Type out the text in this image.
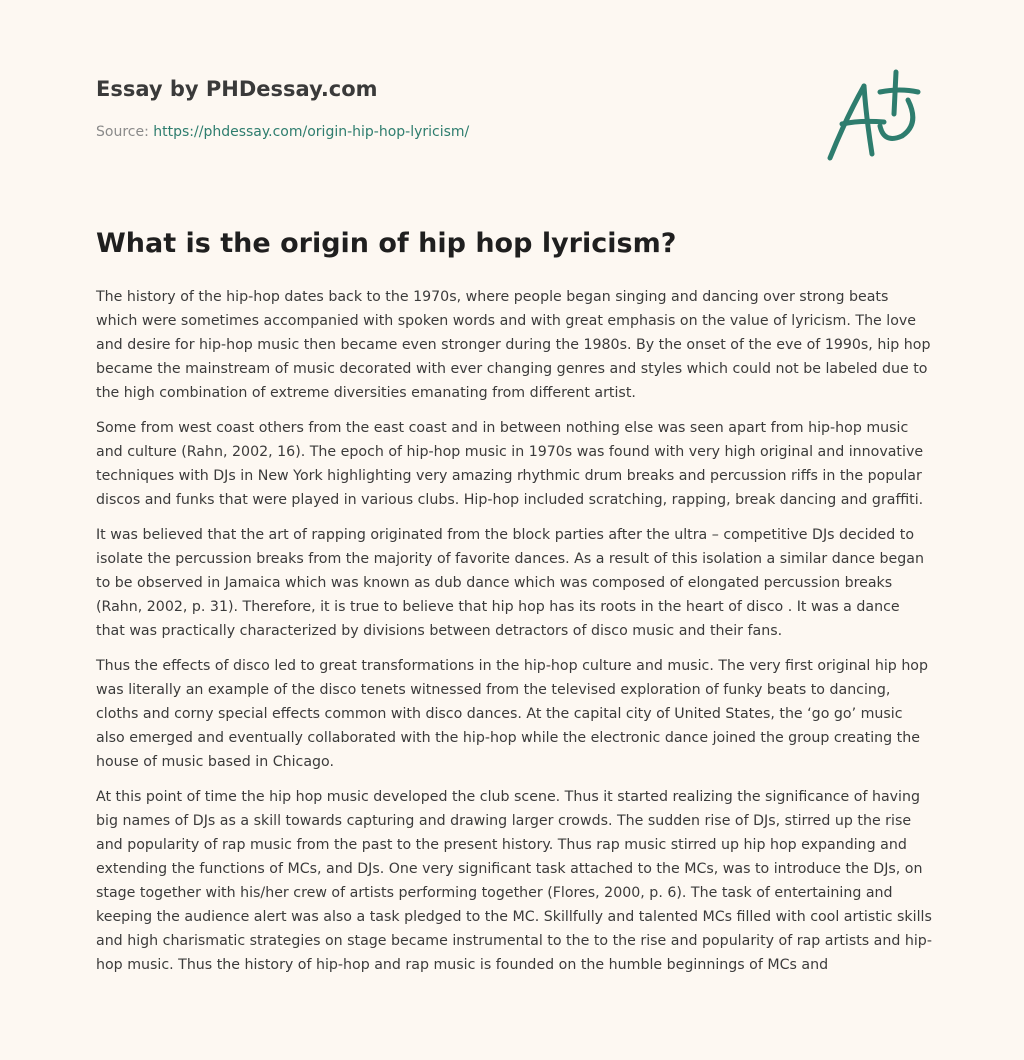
Essay by PHDessay.com
Source: https://phdessay.com/origin-hip-hop-lyricism/
What is the origin of hip hop lyricism?

The history of the hip-hop dates back to the 1970s, where people began singing and dancing over strong beats which were sometimes accompanied with spoken words and with great emphasis on the value of lyricism. The love and desire for hip-hop music then became even stronger during the 1980s. By the onset of the eve of 1990s, hip hop became the mainstream of music decorated with ever changing genres and styles which could not be labeled due to the high combination of extreme diversities emanating from different artist.

Some from west coast others from the east coast and in between nothing else was seen apart from hip-hop music and culture (Rahn, 2002, 16). The epoch of hip-hop music in 1970s was found with very high original and innovative techniques with DJs in New York highlighting very amazing rhythmic drum breaks and percussion riffs in the popular discos and funks that were played in various clubs. Hip-hop included scratching, rapping, break dancing and graffiti.

It was believed that the art of rapping originated from the block parties after the ultra – competitive DJs decided to isolate the percussion breaks from the majority of favorite dances. As a result of this isolation a similar dance began to be observed in Jamaica which was known as dub dance which was composed of elongated percussion breaks (Rahn, 2002, p. 31). Therefore, it is true to believe that hip hop has its roots in the heart of disco . It was a dance that was practically characterized by divisions between detractors of disco music and their fans.

Thus the effects of disco led to great transformations in the hip-hop culture and music. The very first original hip hop was literally an example of the disco tenets witnessed from the televised exploration of funky beats to dancing, cloths and corny special effects common with disco dances. At the capital city of United States, the ‘go go’ music also emerged and eventually collaborated with the hip-hop while the electronic dance joined the group creating the house of music based in Chicago.

At this point of time the hip hop music developed the club scene. Thus it started realizing the significance of having big names of DJs as a skill towards capturing and drawing larger crowds. The sudden rise of DJs, stirred up the rise and popularity of rap music from the past to the present history. Thus rap music stirred up hip hop expanding and extending the functions of MCs, and DJs. One very significant task attached to the MCs, was to introduce the DJs, on stage together with his/her crew of artists performing together (Flores, 2000, p. 6). The task of entertaining and keeping the audience alert was also a task pledged to the MC. Skillfully and talented MCs filled with cool artistic skills and high charismatic strategies on stage became instrumental to the to the rise and popularity of rap artists and hip-hop music. Thus the history of hip-hop and rap music is founded on the humble beginnings of MCs and
